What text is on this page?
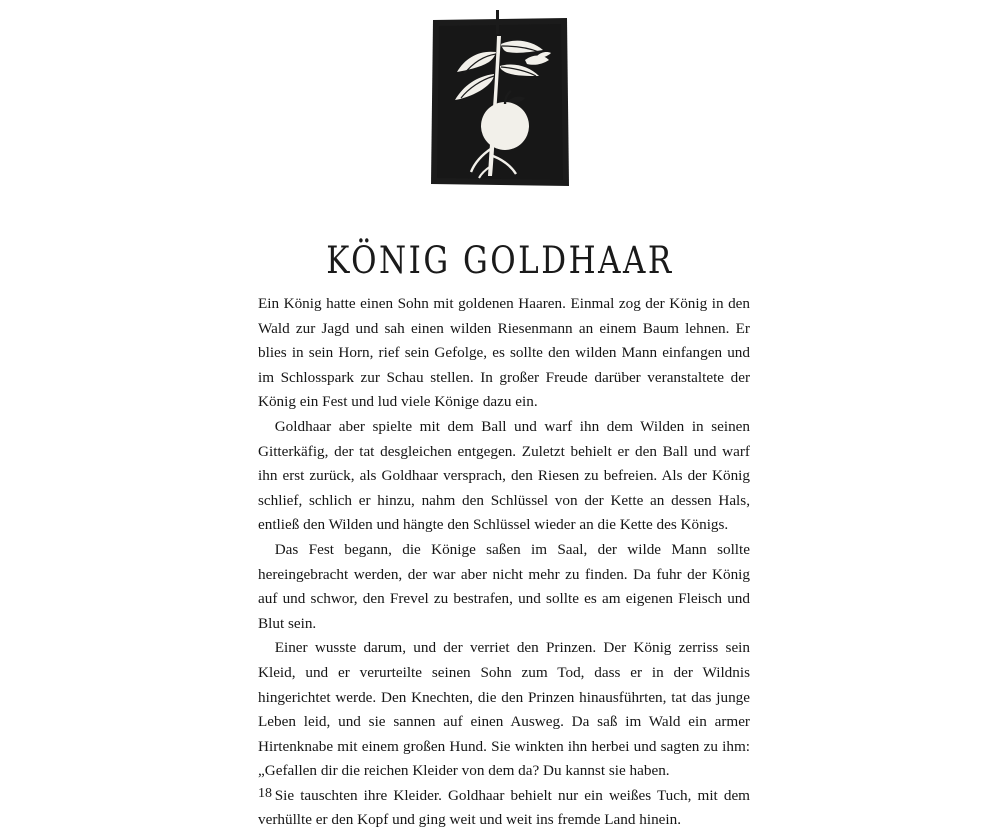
KÖNIG GOLDHAAR

Ein König hatte einen Sohn mit goldenen Haaren. Einmal zog der König in den Wald zur Jagd und sah einen wilden Riesenmann an einem Baum lehnen. Er blies in sein Horn, rief sein Gefolge, es sollte den wilden Mann einfangen und im Schlosspark zur Schau stellen. In großer Freude darüber veranstaltete der König ein Fest und lud viele Könige dazu ein.

Goldhaar aber spielte mit dem Ball und warf ihn dem Wilden in seinen Gitterkäfig, der tat desgleichen entgegen. Zuletzt behielt er den Ball und warf ihn erst zurück, als Goldhaar versprach, den Riesen zu befreien. Als der König schlief, schlich er hinzu, nahm den Schlüssel von der Kette an dessen Hals, entließ den Wilden und hängte den Schlüssel wieder an die Kette des Königs.

Das Fest begann, die Könige saßen im Saal, der wilde Mann sollte hereingebracht werden, der war aber nicht mehr zu finden. Da fuhr der König auf und schwor, den Frevel zu bestrafen, und sollte es am eigenen Fleisch und Blut sein.

Einer wusste darum, und der verriet den Prinzen. Der König zerriss sein Kleid, und er verurteilte seinen Sohn zum Tod, dass er in der Wildnis hingerichtet werde. Den Knechten, die den Prinzen hinausführten, tat das junge Leben leid, und sie sannen auf einen Ausweg. Da saß im Wald ein armer Hirtenknabe mit einem großen Hund. Sie winkten ihn herbei und sagten zu ihm: „Gefallen dir die reichen Kleider von dem da? Du kannst sie haben.

Sie tauschten ihre Kleider. Goldhaar behielt nur ein weißes Tuch, mit dem verhüllte er den Kopf und ging weit und weit ins fremde Land hinein.

18
